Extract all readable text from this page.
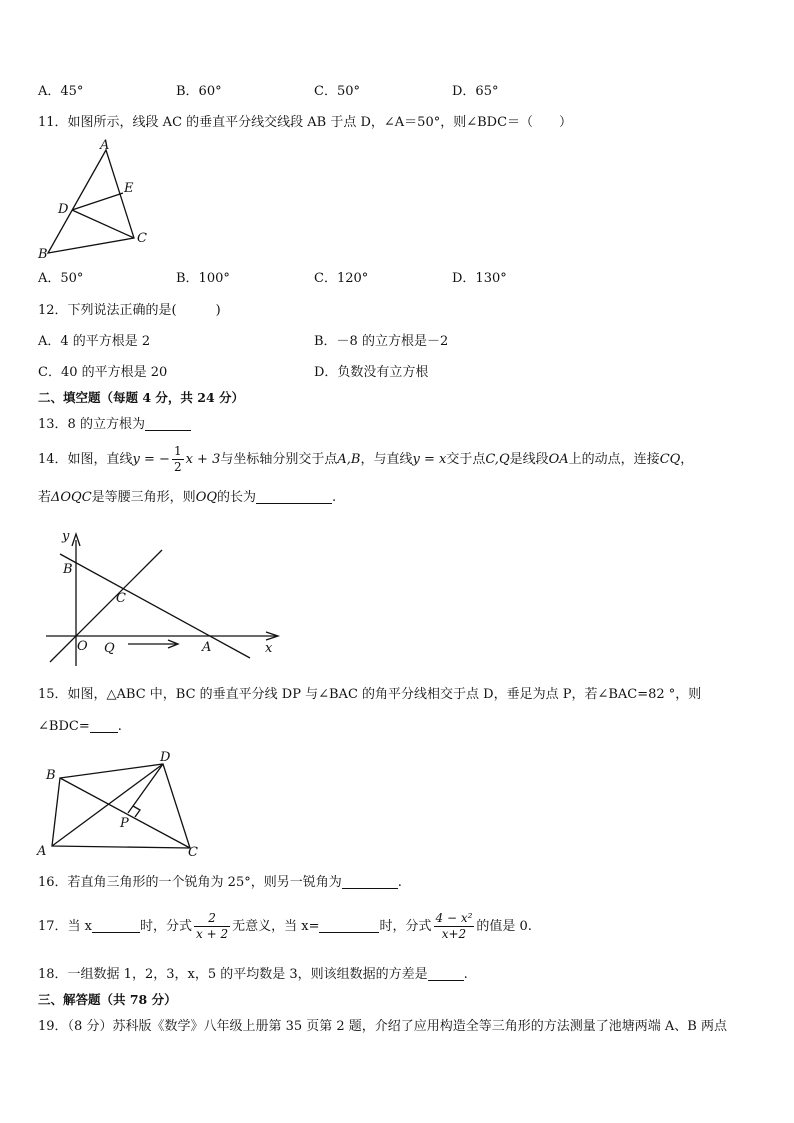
A．45°	B．60°	C．50°	D．65°
11．如图所示，线段 AC 的垂直平分线交线段 AB 于点 D，∠A＝50°，则∠BDC＝（　　）
A
B
C
D
E
A．50°	B．100°	C．120°	D．130°
12．下列说法正确的是(　　　)
A．4 的平方根是 2	B．－8 的立方根是－2
C．40 的平方根是 20	D．负数没有立方根
二、填空题（每题 4 分，共 24 分）
13．8 的立方根为
14．如图，直线y = − $\frac{1}{2}$ x + 3与坐标轴分别交于点A,B，与直线y = x交于点C,Q是线段OA上的动点，连接CQ，
若ΔOQC是等腰三角形，则OQ的长为	.
y
x
B
C
O Q	A
15．如图，△ABC 中，BC 的垂直平分线 DP 与∠BAC 的角平分线相交于点 D，垂足为点 P，若∠BAC=82 °，则
∠BDC= .
B
D
P
A	C
16．若直角三角形的一个锐角为 25°，则另一锐角为	.
17．当 x	时，分式 $\frac{2}{x + 2}$ 无意义，当 x=	时，分式 $\frac{\text{4 − x²}}{x+2}$ 的值是 0.
18．一组数据 1，2，3，x，5 的平均数是 3，则该组数据的方差是	.
三、解答题（共 78 分）
19．（8 分）苏科版《数学》八年级上册第 35 页第 2 题，介绍了应用构造全等三角形的方法测量了池塘两端 A、B 两点
